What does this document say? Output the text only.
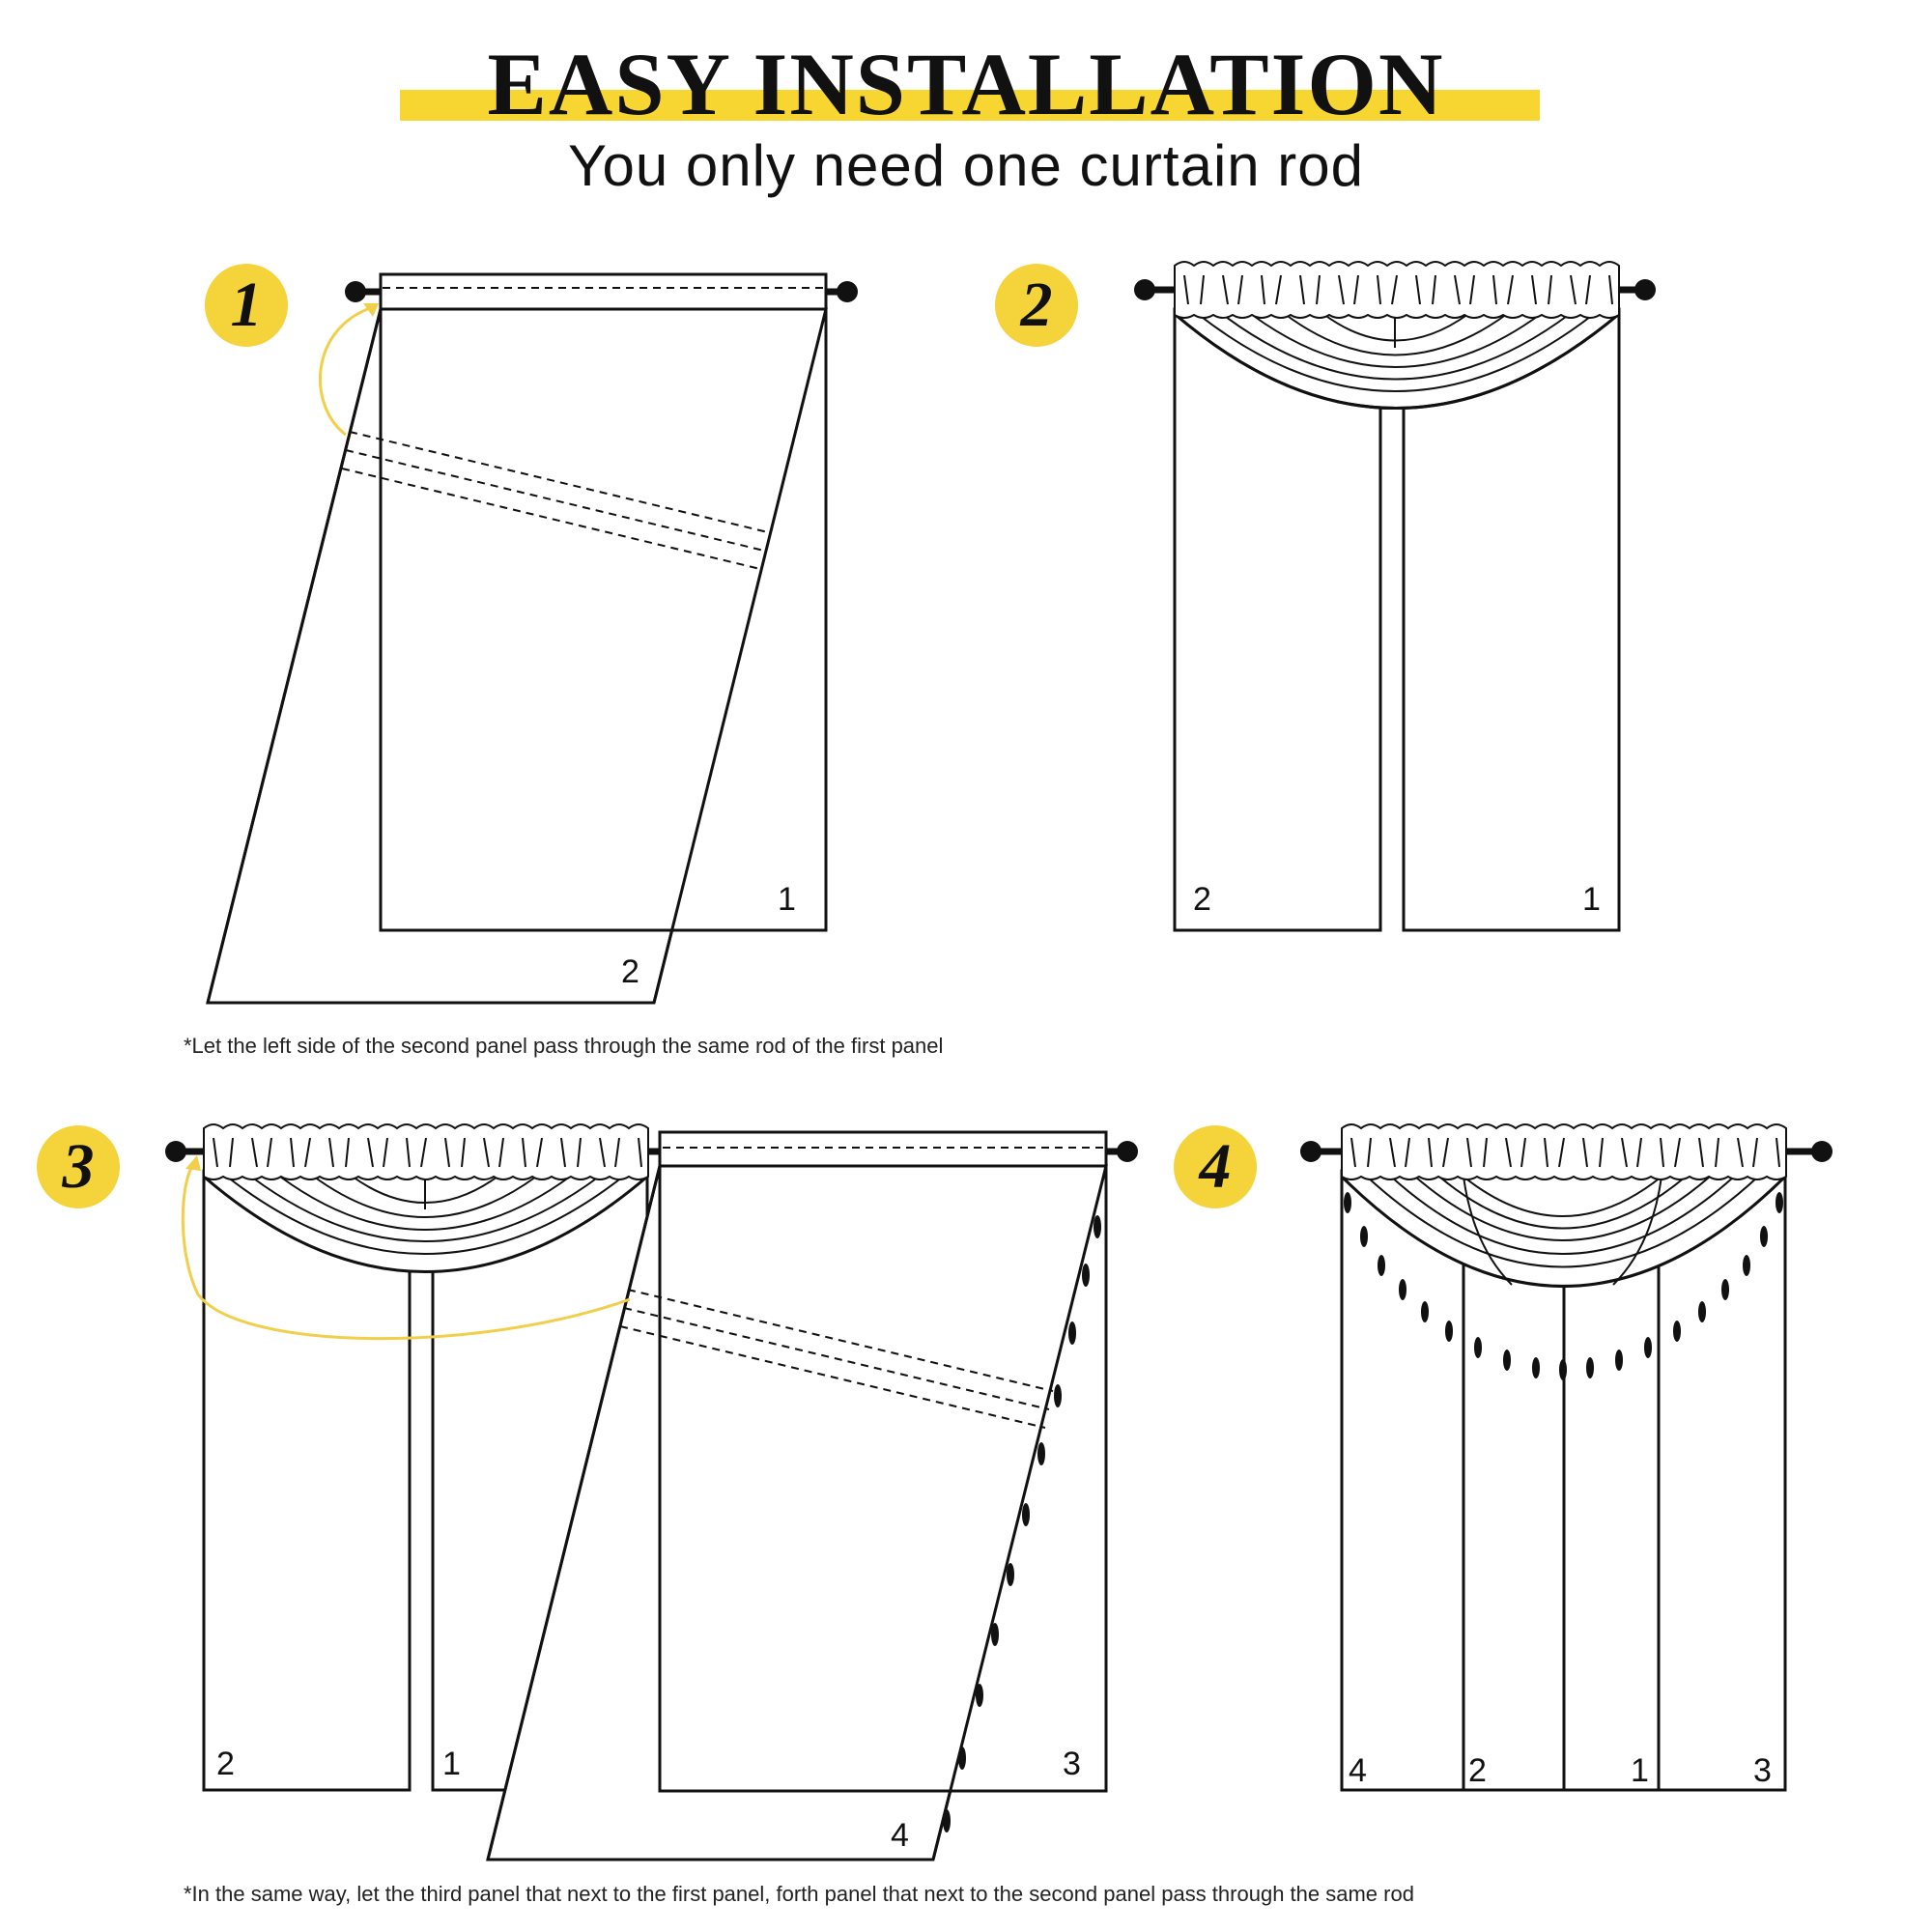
EASY INSTALLATION
You only need one curtain rod
1	2
3	4
1
2
2	1
2	1	3
4
4	2	1	3
*Let the left side of the second panel pass through the same rod of the first panel
*In the same way, let the third panel that next to the first panel, forth panel that next to the second panel pass through the same rod
